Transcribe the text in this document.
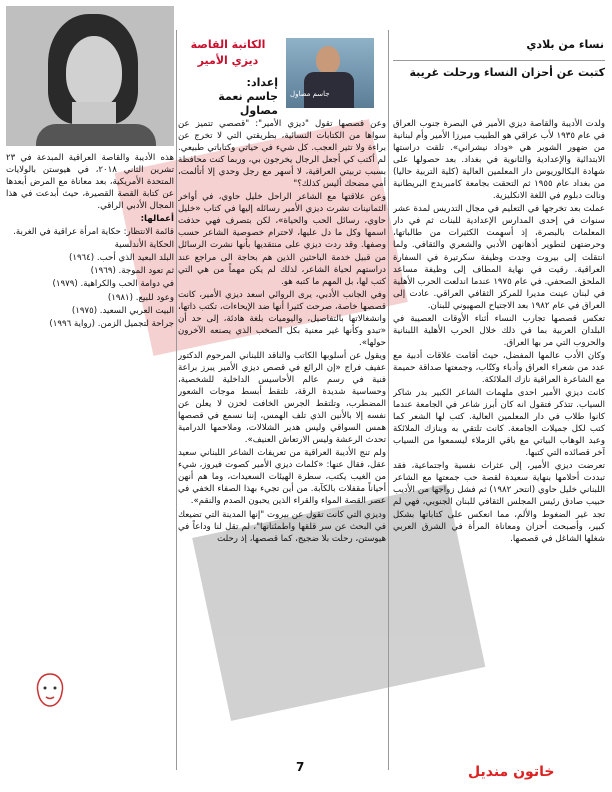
نساء من بلادي
كتبت عن أحزان النساء ورحلت غريبة
جاسم مصاول
الكاتبة القاصة
ديزي الأمير
إعداد:
جاسم نعمة مصاول

ولدت الأديبة والقاصة ديزي الأمير في البصرة جنوب العراق في عام ١٩٣٥ لأب عراقي هو الطبيب ميرزا الأمير وأم لبنانية من ضهور الشوير هي «وداد نيشراني». تلقت دراستها الابتدائية والإعدادية والثانوية في بغداد. بعد حصولها على شهادة البكالوريوس دار المعلمين العالية (كلية التربية حاليا) من بغداد عام ١٩٥٥ ثم التحقت بجامعة كامبريدج البريطانية ونالت دبلوم في اللغة الانكليزية.

عملت بعد تخرجها في التعليم في مجال التدريس لمدة عشر سنوات في إحدى المدارس الإعدادية للبنات ثم في دار المعلمات بالبصرة، إذ أسهمت الكثيرات من طالباتها، وحرضتهن لتطوير أذهانهن الأدبي والشعري والثقافي. ولما انتقلت إلى بيروت وجدت وظيفة سكرتيرة في السفارة العراقية. رقيت في نهاية المطاف إلى وظيفة مساعد الملحق الصحفي. في عام ١٩٧٥ عندما اندلعت الحرب الأهلية في لبنان عينت مديرا للمركز الثقافي العراقي. عادت إلى العراق في عام ١٩٨٢ بعد الاجتياح الصهيوني للبنان.

تعكس قصصها تجارب النساء أثناء الأوقات العصيبة في البلدان العربية بما في ذلك خلال الحرب الأهلية اللبنانية والحروب التي مر بها العراق.

وكان الأدب عالمها المفضل، حيث أقامت علاقات أدبية مع عدد من شعراء العراق وأدباء وكتّاب، وجمعتها صداقة حميمة مع الشاعرة العراقية نازك الملائكة.

كانت ديزي الأمير احدى ملهمات الشاعر الكبير بدر شاكر السياب. تتذكر فتقول انه كان أبرز شاعر في الجامعة عندما كانوا طلاب في دار المعلمين العالية. كتب لها الشعر كما كتب لكل جميلات الجامعة. كانت تلتقي به وبنازك الملائكة وعبد الوهاب البياتي مع باقي الزملاء ليسمعوا من السياب آخر قصائده التي كتبها.

تعرضت ديزي الأمير، إلى عثرات نفسية واجتماعية، فقد تبددت أحلامها بنهاية سعيدة لقصة حب جمعتها مع الشاعر اللبناني خليل حاوي (انتحر ١٩٨٢) ثم فشل زواجها من الأديب حبيب صادق رئيس المجلس الثقافي للبنان الجنوبي، فهي لم تجد غير الضغوط والألم، مما انعكس على كتاباتها بشكل كبير، وأصبحت أحزان ومعاناة المرأة في الشرق العربي شغلها الشاغل في قصصها.

وعن قصصها تقول "ديزي الأمير": "قصصي تتميز عن سواها من الكتابات النسائية، بطريقتي التي لا تخرج عن براءة ولا تثير العجب. كل شيء في حياتي وكتاباتي طبيعي. لم أكتب كي أجعل الرجال يخرجون بي، وربما كنت محافظة بسبب تربيتي العراقية، لا أسهر مع رجل وحدي إلا أتألمت، أمي مضحك أليس كذلك؟"

وعن علاقتها مع الشاعر الراحل خليل حاوي، في أواخر الثمانينات نشرت ديزي الأمير رسائله إليها في كتاب «خليل حاوي، رسائل الحب والحياة»، لكن بتصرف فهي حذفت اسمها وكل ما دل عليها، لاحترام خصوصية الشاعر حسب وصفها. وقد ردت ديزي على منتقديها بأنها نشرت الرسائل من قبيل خدمة الباحثين الذين هم بحاجة الى مراجع عند دراستهم لحياة الشاعر، لذلك لم يكن مهماً من هي التي كتب لها، بل المهم ما كتبه هو.

وفي الجانب الأدبي، يرى الروائي اسعد ديزي الأمير، كانت قصصها خاصة، صرحت كثيرا أنها ضد الإيحاءات، تكتب ذاتها، وانشغالاتها بالتفاصيل، واليوميات بلغة هادئة، إلى حد أن «تبدو وكأنها غير معنية بكل الصخب الذي يصنعه الآخرون حولها».

ويقول عن أسلوبها الكاتب والناقد اللبناني المرحوم الدكتور عفيف فراج «إن الرائع في قصص ديزي الأمير يبرز براعة فنية في رسم عالم الأحاسيس الداخلية للشخصية، وحساسية شديدة الرقة، تلتقط أبسط موجات الشعور المضطرب، وتلتقط الجرس الخافت لحزن لا يعلن عن نفسه إلا بالأنين الذي تلف الهمس، إننا نسمع في قصصها همس السواقي وليس هدير الشلالات، وملاحمها الدرامية تحدث الرعشة وليس الارتعاش العنيف».

ولم تنج الأديبة العراقية من تعريفات الشاعر اللبناني سعيد عقل، فقال عنها: «كلمات ديزي الأمير كصوت فيروز، شيء من الغيب يكتب، سطرة الهيئات السعيدات، وما هم أنهن أحياناً مقفلات بالكآبة. من أين تجيء بهذا الصفاء الخفي في عصر القصة المواء والقراء الذين يحبون الصدم والنقم».

وديزي التي كانت تقول عن بيروت "إنها المدينة التي تضيعك في البحث عن سر قلقها واطمئنانها"، لم تقل لنا وداعاً في هيوستن، رحلت بلا ضجيج، كما قصصها، إذ رحلت

هذه الأديبة والقاصة العراقية المبدعة في ٢٣ تشرين الثاني ٢٠١٨، في هيوستن بالولايات المتحدة الأمريكية، بعد معاناة مع المرض أبعدها عن كتابة القصة القصيرة، حيث أبدعت في هذا المجال الأدبي الراقي.

أعمالها:

قائمة الانتظار: حكاية امرأة عراقية في الغربة.

الحكاية الأندلسية

البلد البعيد الذي أحب. (١٩٦٤)

ثم تعود الموجة. (١٩٦٩)

في دوامة الحب والكراهية. (١٩٧٩)

وعود للبيع. (١٩٨١)

البيت العربي السعيد. (١٩٧٥)

جراحة لتجميل الزمن. (رواية ١٩٩٦)

7	خاتون منديل
